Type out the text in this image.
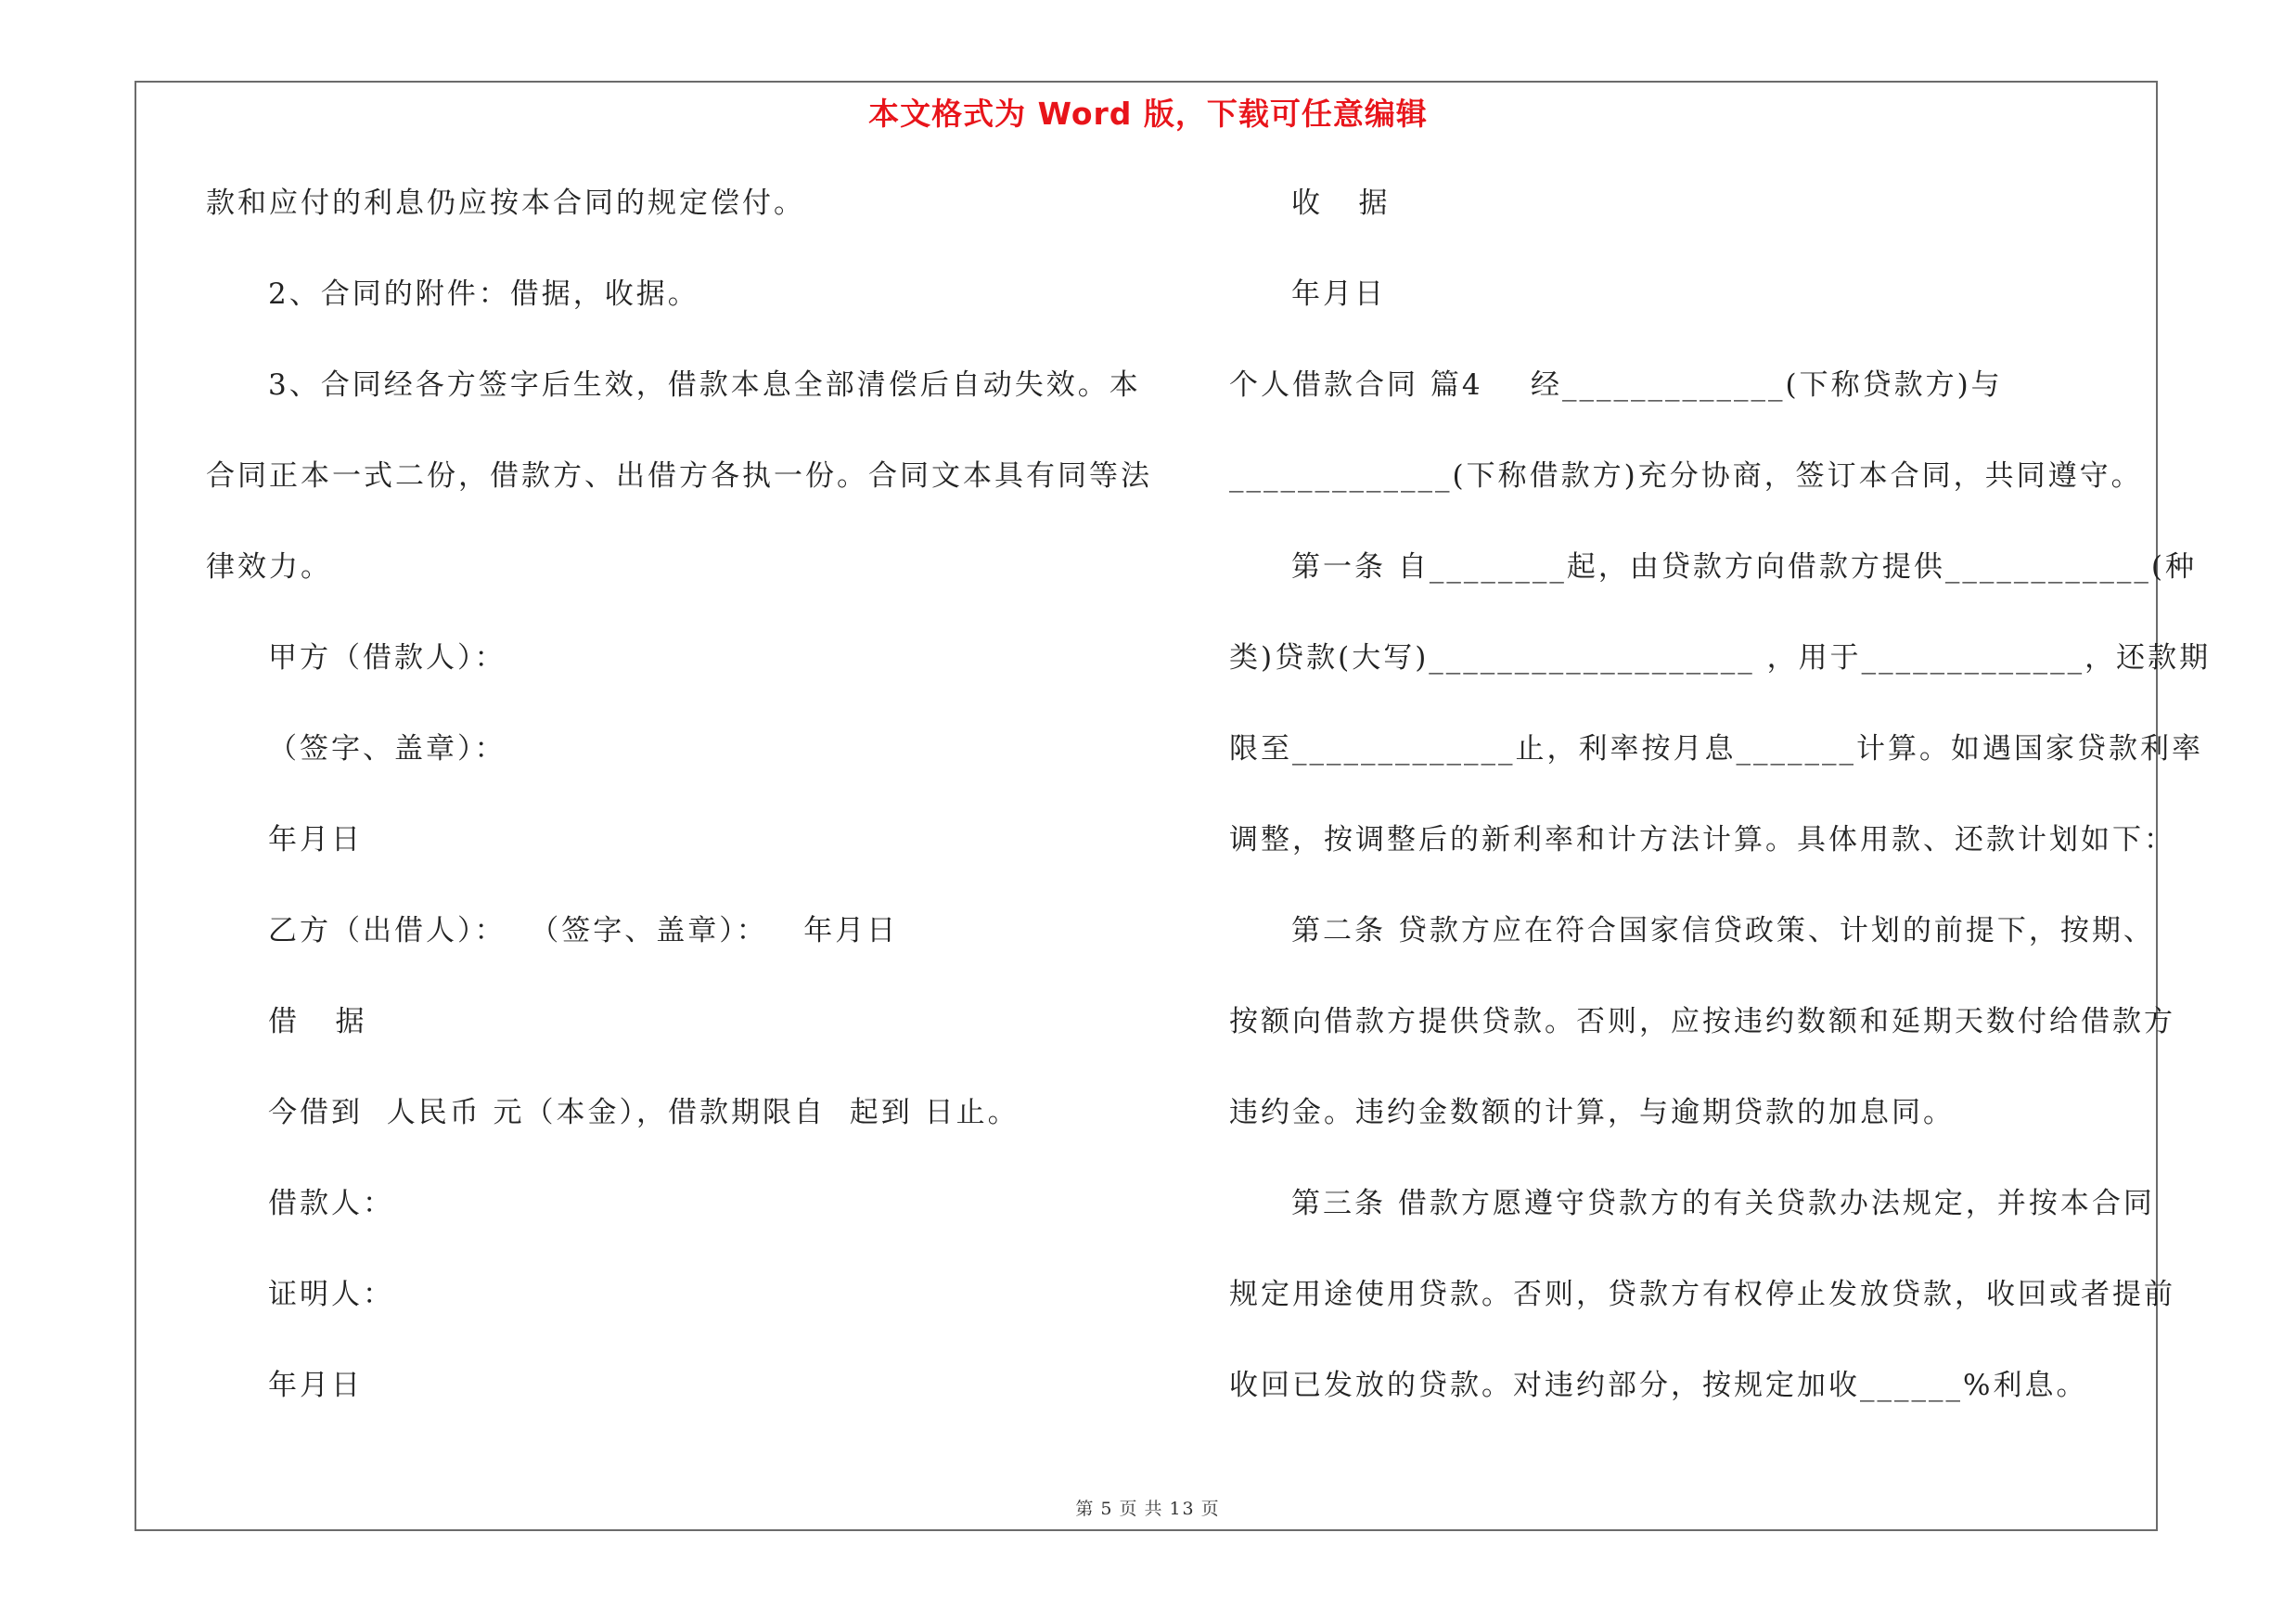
本文格式为 Word 版，下载可任意编辑
款和应付的利息仍应按本合同的规定偿付。
2、合同的附件：借据，收据。
3、合同经各方签字后生效，借款本息全部清偿后自动失效。本
合同正本一式二份，借款方、出借方各执一份。合同文本具有同等法
律效力。
甲方（借款人）：
（签字、盖章）：
年月日
乙方（出借人）：  （签字、盖章）：   年月日
借   据
今借到  人民币 元（本金），借款期限自  起到 日止。
借款人：
证明人：
年月日
收   据
年月日
个人借款合同 篇4    经_____________(下称贷款方)与
_____________(下称借款方)充分协商，签订本合同，共同遵守。
第一条 自________起，由贷款方向借款方提供____________(种
类)贷款(大写)___________________ ，用于_____________，还款期
限至_____________止，利率按月息_______计算。如遇国家贷款利率
调整，按调整后的新利率和计方法计算。具体用款、还款计划如下：
第二条 贷款方应在符合国家信贷政策、计划的前提下，按期、
按额向借款方提供贷款。否则，应按违约数额和延期天数付给借款方
违约金。违约金数额的计算，与逾期贷款的加息同。
第三条 借款方愿遵守贷款方的有关贷款办法规定，并按本合同
规定用途使用贷款。否则，贷款方有权停止发放贷款，收回或者提前
收回已发放的贷款。对违约部分，按规定加收______%利息。
第 5 页 共 13 页
